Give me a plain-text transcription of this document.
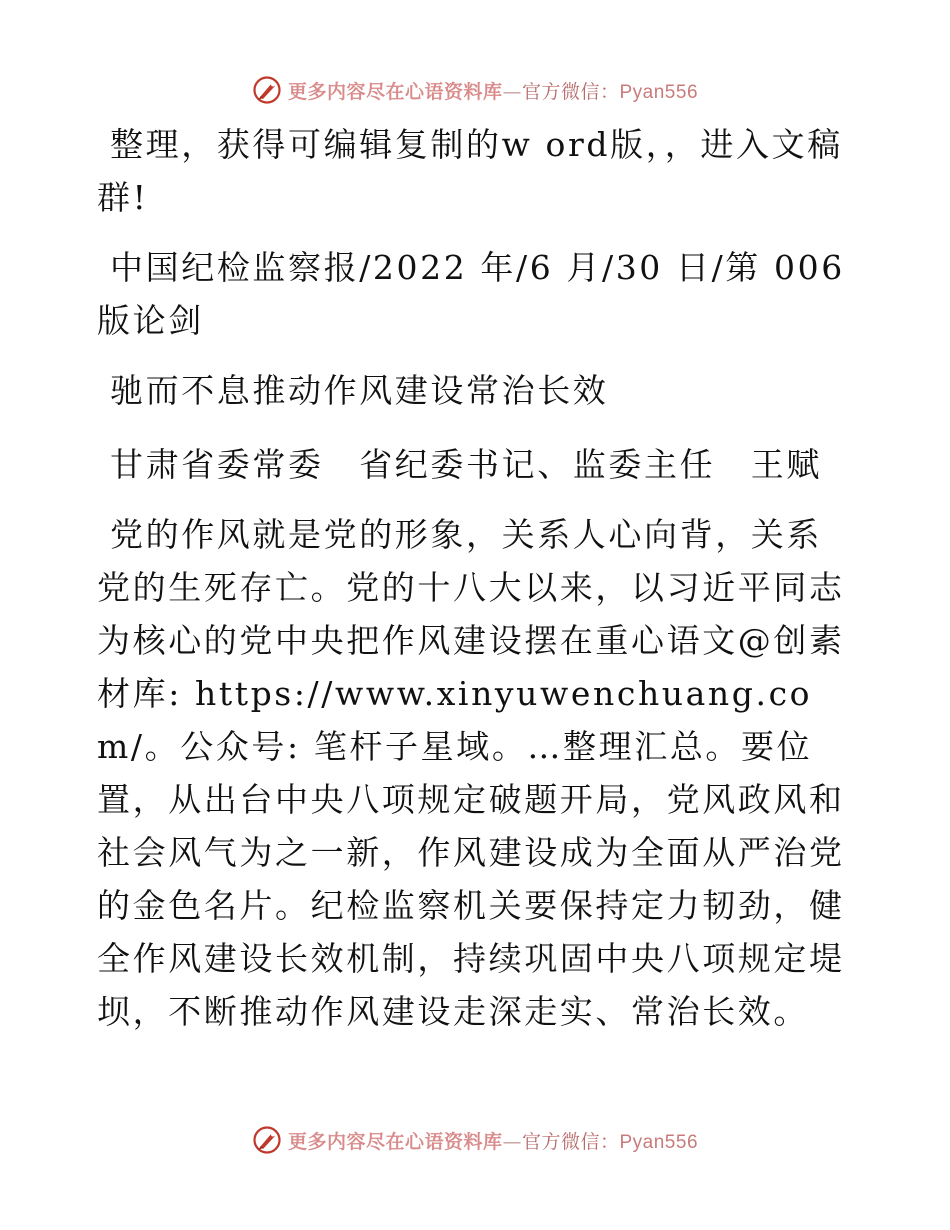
更多内容尽在心语资料库—官方微信：Pyan556

整理，获得可编辑复制的w ord版，，进入文稿群!

中国纪检监察报/2022 年/6 月/30 日/第 006 版论剑

驰而不息推动作风建设常治长效

甘肃省委常委　省纪委书记、监委主任　王赋

党的作风就是党的形象，关系人心向背，关系党的生死存亡。党的十八大以来，以习近平同志为核心的党中央把作风建设摆在重心语文@创素材库: https://www.xinyuwenchuang.com/。公众号: 笔杆子星域。…整理汇总。要位置，从出台中央八项规定破题开局，党风政风和社会风气为之一新，作风建设成为全面从严治党的金色名片。纪检监察机关要保持定力韧劲，健全作风建设长效机制，持续巩固中央八项规定堤坝，不断推动作风建设走深走实、常治长效。

更多内容尽在心语资料库—官方微信：Pyan556
